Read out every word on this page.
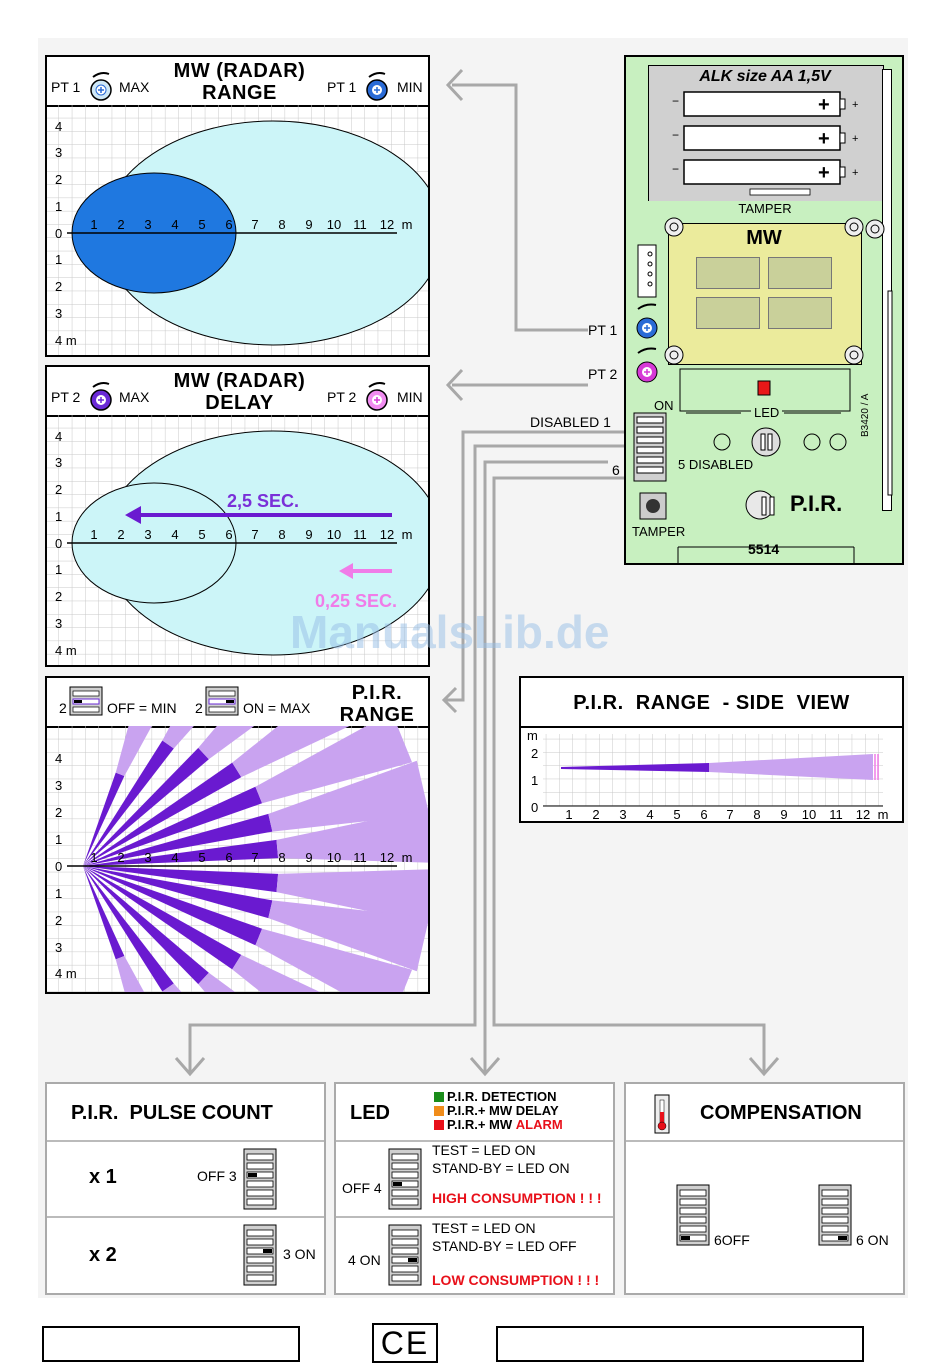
PT 1	MAX
MW (RADAR)
RANGE	PT 1	MIN
1 2 3 4 5 6 7 8 9 10 11 12 m
4
3
2
1
0
1
2
3
4 m
PT 2	MAX
MW (RADAR)
DELAY	PT 2	MIN
2,5 SEC.
0,25 SEC.
1 2 3 4 5 6 7 8 9 10 11 12 m
4
3
2
1
0
1
2
3
4 m
2	OFF = MIN 2	ON = MAX
P.I.R.
RANGE
1 2 3 4 5 6 7 8 9 10 11 12 m
4
3
2
1
0
1
2
3
4 m
P.I.R.  RANGE  - SIDE  VIEW
m
2
1
0 1 2 3 4 5 6 7 8 9 10 11 12 m
ALK size AA 1,5V
−	+ +
−	+ +
−	+ +
TAMPER
MW
LED
ON
5 DISABLED
TAMPER
P.I.R.
5514
B3420 / A
PT 1
PT 2
DISABLED 1
6
ManualsLib.de
P.I.R.  PULSE COUNT
x 1	OFF 3
x 2	3 ON
LED
P.I.R. DETECTION
P.I.R.+ MW DELAY
P.I.R.+ MW ALARM
OFF 4
TEST = LED ON
STAND-BY = LED ON
HIGH CONSUMPTION ! ! !
4 ON
TEST = LED ON
STAND-BY = LED OFF
LOW CONSUMPTION ! ! !
COMPENSATION
6OFF	6 ON
CE
